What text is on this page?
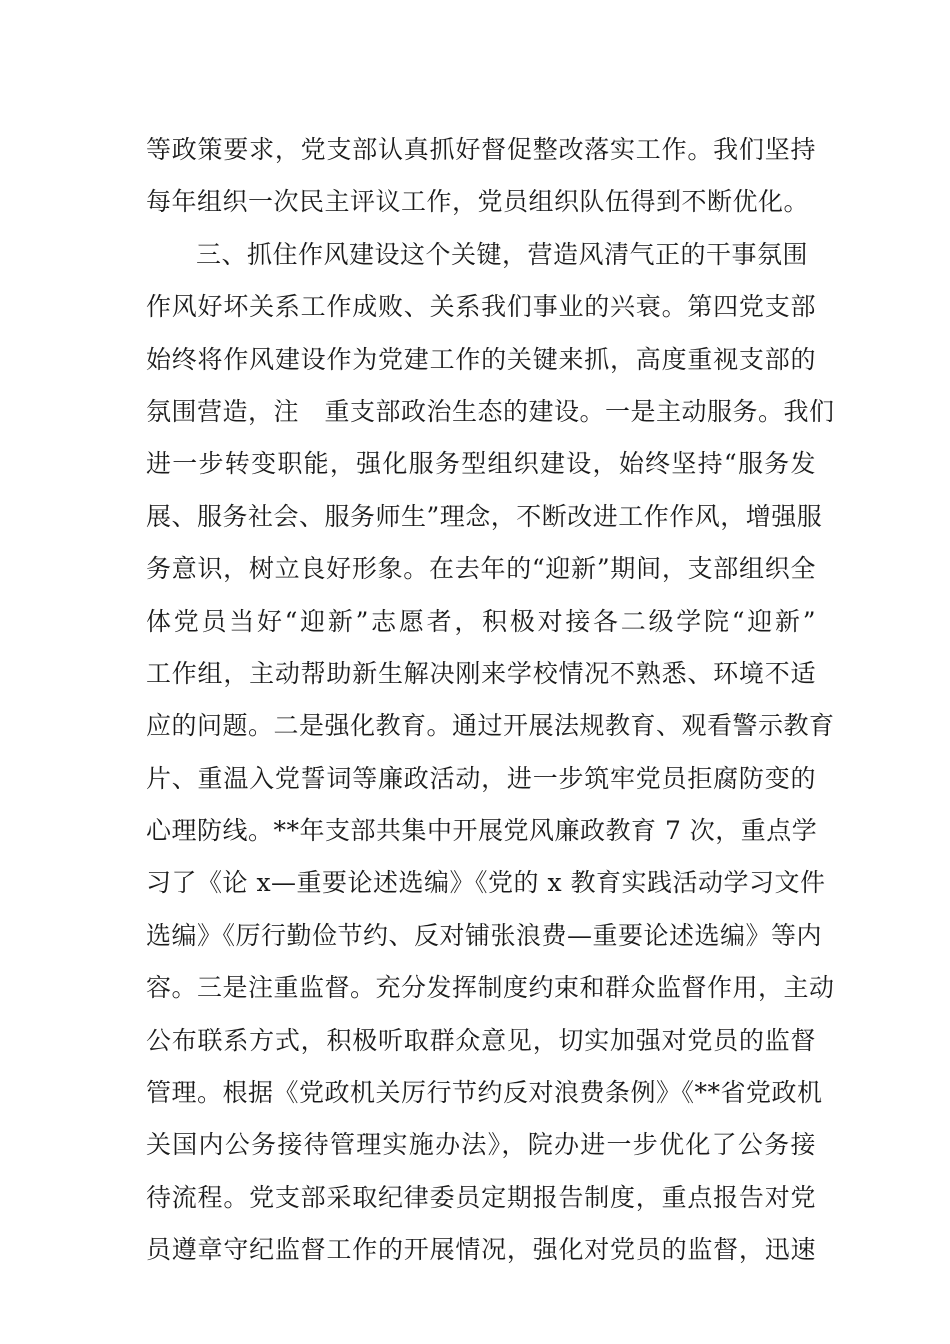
等政策要求，党支部认真抓好督促整改落实工作。我们坚持
每年组织一次民主评议工作，党员组织队伍得到不断优化。
三、抓住作风建设这个关键，营造风清气正的干事氛围
作风好坏关系工作成败、关系我们事业的兴衰。第四党支部
始终将作风建设作为党建工作的关键来抓，高度重视支部的
氛围营造，注　重支部政治生态的建设。一是主动服务。我们
进一步转变职能，强化服务型组织建设，始终坚持“服务发
展、服务社会、服务师生”理念，不断改进工作作风，增强服
务意识，树立良好形象。在去年的“迎新”期间，支部组织全
体党员当好“迎新”志愿者，积极对接各二级学院“迎新”
工作组，主动帮助新生解决刚来学校情况不熟悉、环境不适
应的问题。二是强化教育。通过开展法规教育、观看警示教育
片、重温入党誓词等廉政活动，进一步筑牢党员拒腐防变的
心理防线。**年支部共集中开展党风廉政教育 7 次，重点学
习了《论 x—重要论述选编》《党的 x 教育实践活动学习文件
选编》《厉行勤俭节约、反对铺张浪费—重要论述选编》等内
容。三是注重监督。充分发挥制度约束和群众监督作用，主动
公布联系方式，积极听取群众意见，切实加强对党员的监督
管理。根据《党政机关厉行节约反对浪费条例》《**省党政机
关国内公务接待管理实施办法》，院办进一步优化了公务接
待流程。党支部采取纪律委员定期报告制度，重点报告对党
员遵章守纪监督工作的开展情况，强化对党员的监督，迅速
